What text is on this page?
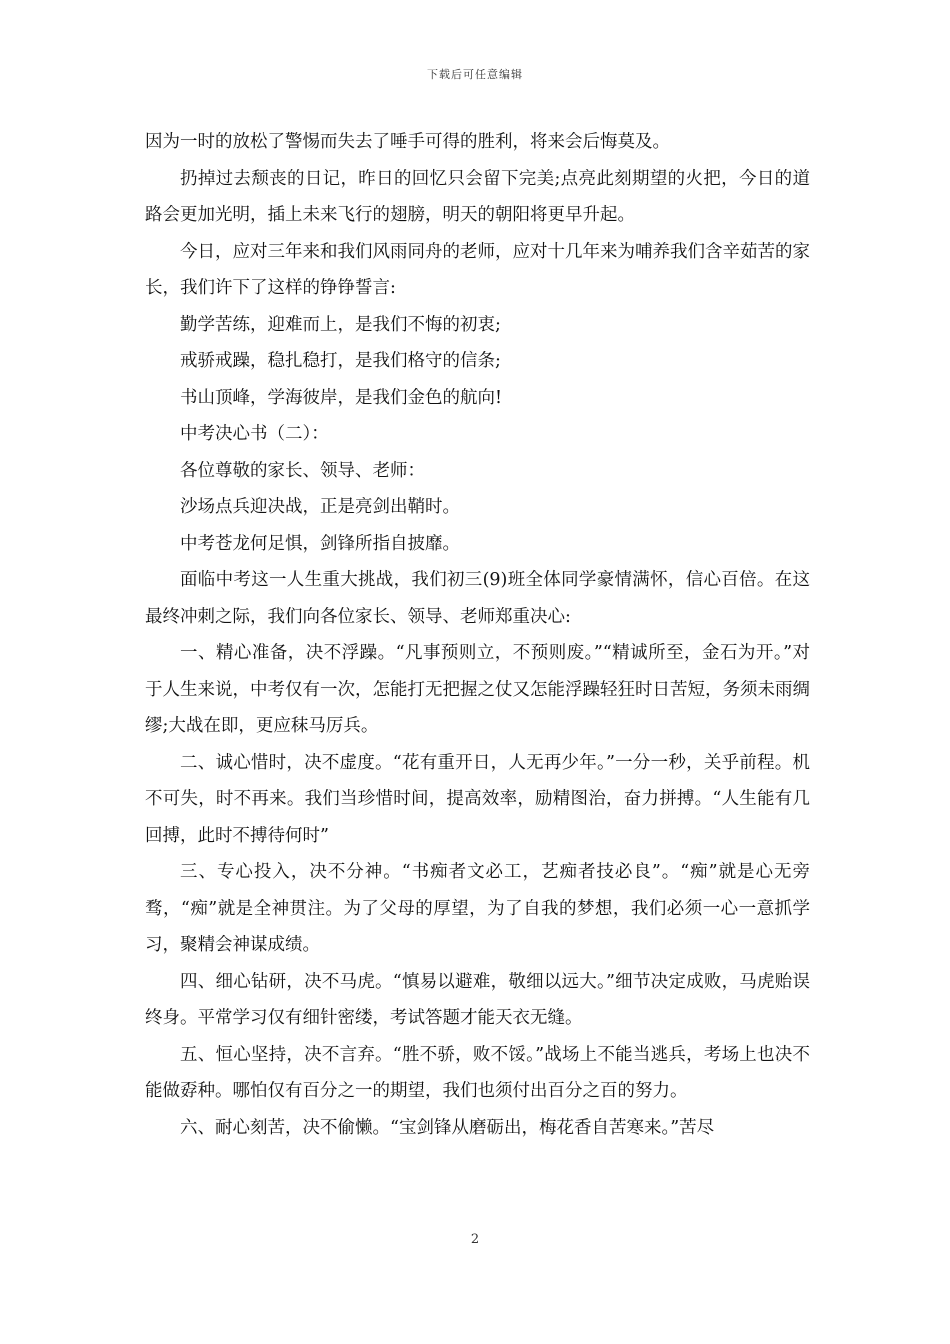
下载后可任意编辑

因为一时的放松了警惕而失去了唾手可得的胜利，将来会后悔莫及。

扔掉过去颓丧的日记，昨日的回忆只会留下完美;点亮此刻期望的火把，今日的道路会更加光明，插上未来飞行的翅膀，明天的朝阳将更早升起。

今日，应对三年来和我们风雨同舟的老师，应对十几年来为哺养我们含辛茹苦的家长，我们许下了这样的铮铮誓言:

勤学苦练，迎难而上，是我们不悔的初衷;

戒骄戒躁，稳扎稳打，是我们格守的信条;

书山顶峰，学海彼岸，是我们金色的航向!

中考决心书（二）：

各位尊敬的家长、领导、老师：

沙场点兵迎决战，正是亮剑出鞘时。

中考苍龙何足惧，剑锋所指自披靡。

面临中考这一人生重大挑战，我们初三(9)班全体同学豪情满怀，信心百倍。在这最终冲刺之际，我们向各位家长、领导、老师郑重决心:

一、精心准备，决不浮躁。“凡事预则立，不预则废。”“精诚所至，金石为开。”对于人生来说，中考仅有一次，怎能打无把握之仗又怎能浮躁轻狂时日苦短，务须未雨绸缪;大战在即，更应秣马厉兵。

二、诚心惜时，决不虚度。“花有重开日，人无再少年。”一分一秒，关乎前程。机不可失，时不再来。我们当珍惜时间，提高效率，励精图治，奋力拼搏。“人生能有几回搏，此时不搏待何时”

三、专心投入，决不分神。“书痴者文必工，艺痴者技必良”。“痴”就是心无旁骛，“痴”就是全神贯注。为了父母的厚望，为了自我的梦想，我们必须一心一意抓学习，聚精会神谋成绩。

四、细心钻研，决不马虎。“慎易以避难，敬细以远大。”细节决定成败，马虎贻误终身。平常学习仅有细针密缕，考试答题才能天衣无缝。

五、恒心坚持，决不言弃。“胜不骄，败不馁。”战场上不能当逃兵，考场上也决不能做孬种。哪怕仅有百分之一的期望，我们也须付出百分之百的努力。

六、耐心刻苦，决不偷懒。“宝剑锋从磨砺出，梅花香自苦寒来。”苦尽

2
